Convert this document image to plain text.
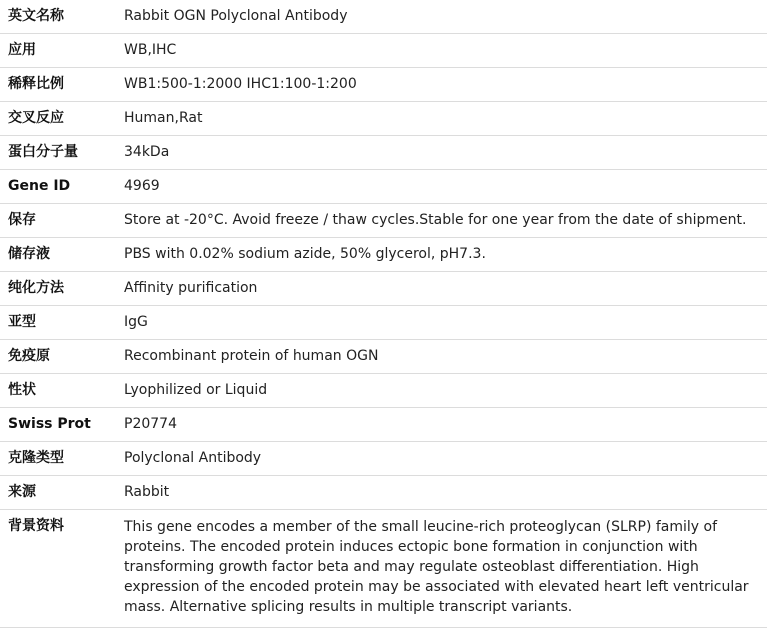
英文名称	Rabbit OGN Polyclonal Antibody
应用	WB,IHC
稀释比例	WB1:500-1:2000 IHC1:100-1:200
交叉反应	Human,Rat
蛋白分子量	34kDa
Gene ID	4969
保存	Store at -20°C. Avoid freeze / thaw cycles.Stable for one year from the date of shipment.
储存液	PBS with 0.02% sodium azide, 50% glycerol, pH7.3.
纯化方法	Affinity purification
亚型	IgG
免疫原	Recombinant protein of human OGN
性状	Lyophilized or Liquid
Swiss Prot	P20774
克隆类型	Polyclonal Antibody
来源	Rabbit
背景资料	This gene encodes a member of the small leucine-rich proteoglycan (SLRP) family of proteins. The encoded protein induces ectopic bone formation in conjunction with transforming growth factor beta and may regulate osteoblast differentiation. High expression of the encoded protein may be associated with elevated heart left ventricular mass. Alternative splicing results in multiple transcript variants.
